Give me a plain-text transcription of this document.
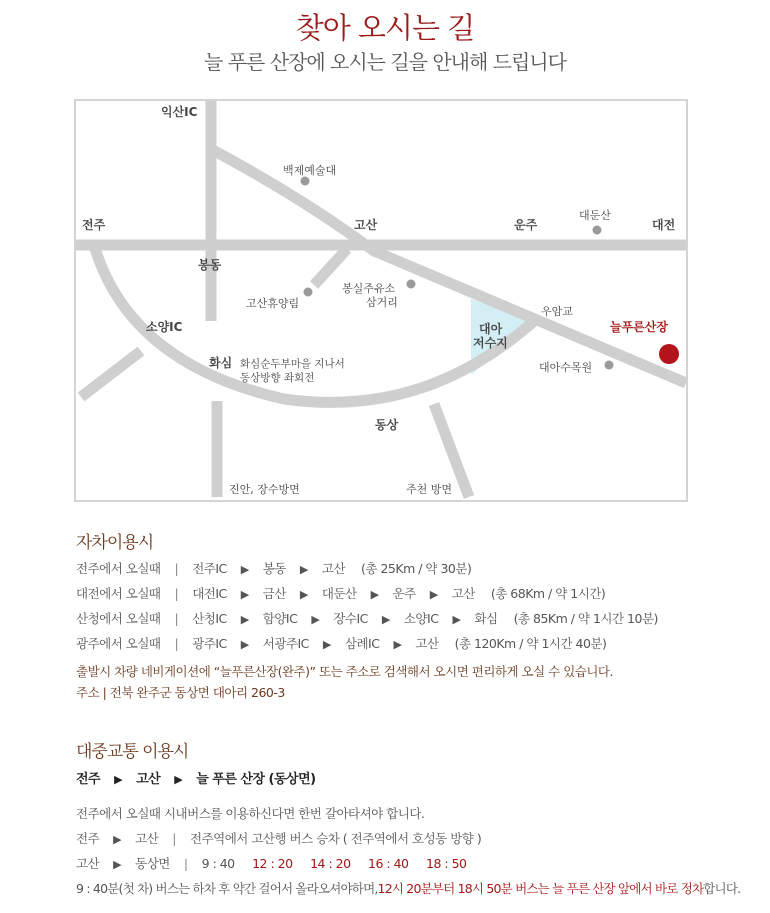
찾아 오시는 길
늘 푸른 산장에 오시는 길을 안내해 드립니다
익산IC
전주
백제예술대
고산	운주
대둔산
대전
봉동
고산휴양림
봉실주유소
삼거리
우암교
늘푸른산장
소양IC	대아
저수지
대아수목원
화심 화심순두부마을 지나서
동상방향 좌회전
동상
진안, 장수방면	주천 방면
자차이용시
전주에서 오실때 | 전주IC ▶ 봉동 ▶ 고산 (총 25Km / 약 30분)
대전에서 오실때 | 대전IC ▶ 금산 ▶ 대둔산 ▶ 운주 ▶ 고산 (총 68Km / 약 1시간)
산청에서 오실때 | 산청IC ▶ 함양IC ▶ 장수IC ▶ 소양IC ▶ 화심 (총 85Km / 약 1시간 10분)
광주에서 오실때 | 광주IC ▶ 서광주IC ▶ 삼례IC ▶ 고산 (총 120Km / 약 1시간 40분)
출발시 차량 네비게이션에 “늘푸른산장(완주)” 또는 주소로 검색해서 오시면 편리하게 오실 수 있습니다.
주소 | 전북 완주군 동상면 대아리 260-3
대중교통 이용시
전주 ▶ 고산 ▶ 늘 푸른 산장 (동상면)
전주에서 오실때 시내버스를 이용하신다면 한번 갈아타셔야 합니다.
전주 ▶ 고산 | 전주역에서 고산행 버스 승차 ( 전주역에서 호성동 방향 )
고산 ▶ 동상면 | 9 : 40 12 : 20 14 : 20 16 : 40 18 : 50
9 : 40분(첫 차) 버스는 하차 후 약간 걸어서 올라오셔야하며,12시 20분부터 18시 50분 버스는 늘 푸른 산장 앞에서 바로 정차합니다.
